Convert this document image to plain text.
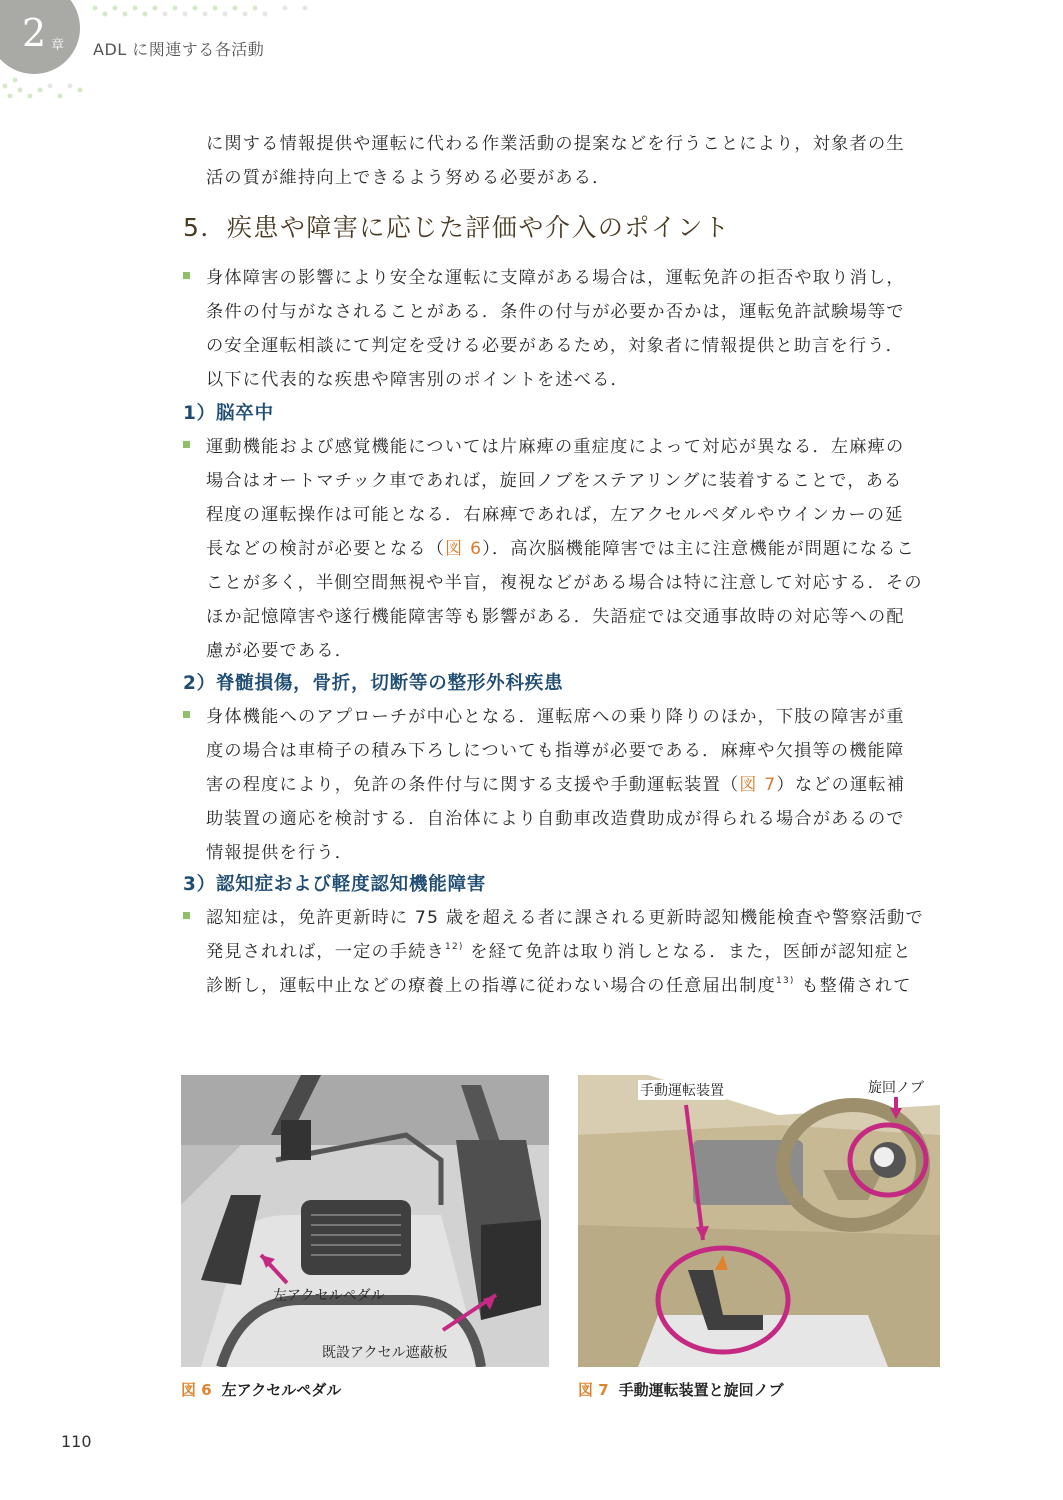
2 章 ADL に関連する各活動
に関する情報提供や運転に代わる作業活動の提案などを行うことにより，対象者の生
活の質が維持向上できるよう努める必要がある．
5．疾患や障害に応じた評価や介入のポイント
身体障害の影響により安全な運転に支障がある場合は，運転免許の拒否や取り消し，
条件の付与がなされることがある．条件の付与が必要か否かは，運転免許試験場等で
の安全運転相談にて判定を受ける必要があるため，対象者に情報提供と助言を行う．
以下に代表的な疾患や障害別のポイントを述べる．
1）脳卒中
運動機能および感覚機能については片麻痺の重症度によって対応が異なる．左麻痺の
場合はオートマチック車であれば，旋回ノブをステアリングに装着することで，ある
程度の運転操作は可能となる．右麻痺であれば，左アクセルペダルやウインカーの延
長などの検討が必要となる（図 6）．高次脳機能障害では主に注意機能が問題になるこ
ことが多く，半側空間無視や半盲，複視などがある場合は特に注意して対応する．その
ほか記憶障害や遂行機能障害等も影響がある．失語症では交通事故時の対応等への配
慮が必要である．
2）脊髄損傷，骨折，切断等の整形外科疾患
身体機能へのアプローチが中心となる．運転席への乗り降りのほか，下肢の障害が重
度の場合は車椅子の積み下ろしについても指導が必要である．麻痺や欠損等の機能障
害の程度により，免許の条件付与に関する支援や手動運転装置（図 7）などの運転補
助装置の適応を検討する．自治体により自動車改造費助成が得られる場合があるので
情報提供を行う．
3）認知症および軽度認知機能障害
認知症は，免許更新時に 75 歳を超える者に課される更新時認知機能検査や警察活動で
発見されれば，一定の手続き$^{12)}$ を経て免許は取り消しとなる．また，医師が認知症と
診断し，運転中止などの療養上の指導に従わない場合の任意届出制度$^{13)}$ も整備されて
左アクセルペダル
既設アクセル遮蔽板
図 6 左アクセルペダル
手動運転装置	旋回ノブ
図 7 手動運転装置と旋回ノブ
110
